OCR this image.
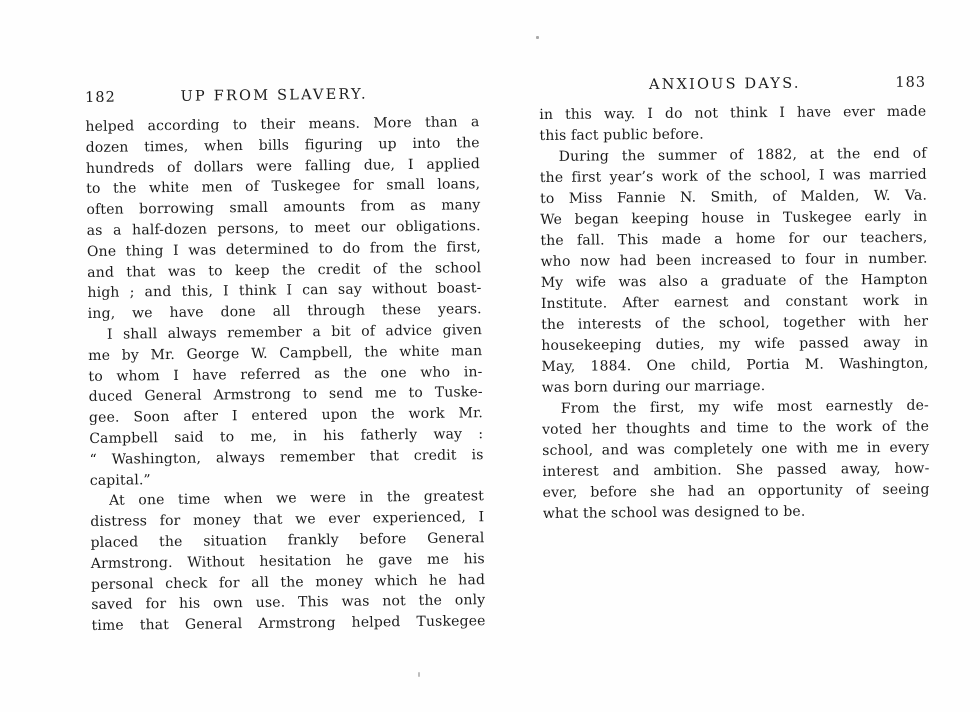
182	UP FROM SLAVERY.
helped according to their means. More than a
dozen times, when bills figuring up into the
hundreds of dollars were falling due, I applied
to the white men of Tuskegee for small loans,
often borrowing small amounts from as many
as a half-dozen persons, to meet our obligations.
One thing I was determined to do from the first,
and that was to keep the credit of the school
high ; and this, I think I can say without boast-
ing, we have done all through these years.
I shall always remember a bit of advice given
me by Mr. George W. Campbell, the white man
to whom I have referred as the one who in-
duced General Armstrong to send me to Tuske-
gee. Soon after I entered upon the work Mr.
Campbell said to me, in his fatherly way :
“ Washington, always remember that credit is
capital.”
At one time when we were in the greatest
distress for money that we ever experienced, I
placed the situation frankly before General
Armstrong. Without hesitation he gave me his
personal check for all the money which he had
saved for his own use. This was not the only
time that General Armstrong helped Tuskegee
ANXIOUS DAYS.	183
in this way. I do not think I have ever made
this fact public before.
During the summer of 1882, at the end of
the first year’s work of the school, I was married
to Miss Fannie N. Smith, of Malden, W. Va.
We began keeping house in Tuskegee early in
the fall. This made a home for our teachers,
who now had been increased to four in number.
My wife was also a graduate of the Hampton
Institute. After earnest and constant work in
the interests of the school, together with her
housekeeping duties, my wife passed away in
May, 1884. One child, Portia M. Washington,
was born during our marriage.
From the first, my wife most earnestly de-
voted her thoughts and time to the work of the
school, and was completely one with me in every
interest and ambition. She passed away, how-
ever, before she had an opportunity of seeing
what the school was designed to be.
